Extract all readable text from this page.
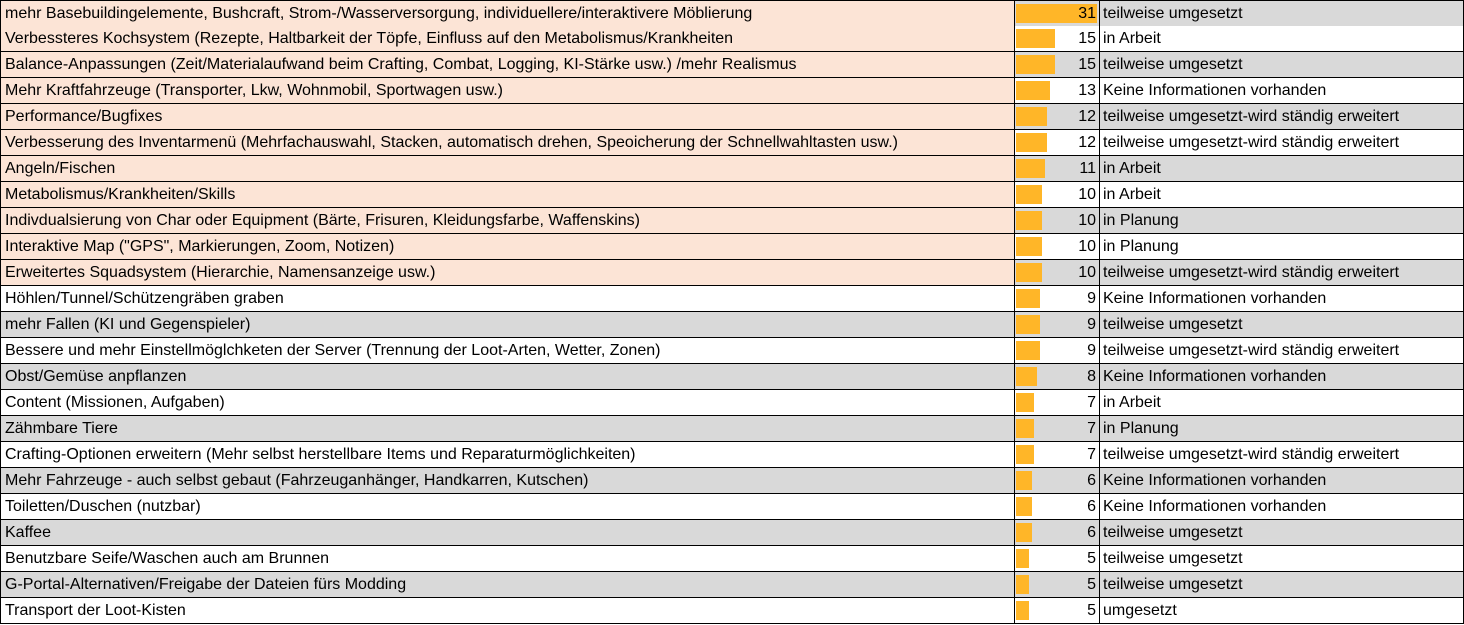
mehr Basebuildingelemente, Bushcraft, Strom-/Wasserversorgung, individuellere/interaktivere Möblierung	31 teilweise umgesetzt
Verbessteres Kochsystem (Rezepte, Haltbarkeit der Töpfe, Einfluss auf den Metabolismus/Krankheiten	15 in Arbeit
Balance-Anpassungen (Zeit/Materialaufwand beim Crafting, Combat, Logging, KI-Stärke usw.) /mehr Realismus	15 teilweise umgesetzt
Mehr Kraftfahrzeuge (Transporter, Lkw, Wohnmobil, Sportwagen usw.)	13 Keine Informationen vorhanden
Performance/Bugfixes	12 teilweise umgesetzt-wird ständig erweitert
Verbesserung des Inventarmenü (Mehrfachauswahl, Stacken, automatisch drehen, Speoicherung der Schnellwahltasten usw.)	12 teilweise umgesetzt-wird ständig erweitert
Angeln/Fischen	11 in Arbeit
Metabolismus/Krankheiten/Skills	10 in Arbeit
Indivdualsierung von Char oder Equipment (Bärte, Frisuren, Kleidungsfarbe, Waffenskins)	10 in Planung
Interaktive Map ("GPS", Markierungen, Zoom, Notizen)	10 in Planung
Erweitertes Squadsystem (Hierarchie, Namensanzeige usw.)	10 teilweise umgesetzt-wird ständig erweitert
Höhlen/Tunnel/Schützengräben graben	9 Keine Informationen vorhanden
mehr Fallen (KI und Gegenspieler)	9 teilweise umgesetzt
Bessere und mehr Einstellmöglchketen der Server (Trennung der Loot-Arten, Wetter, Zonen)	9 teilweise umgesetzt-wird ständig erweitert
Obst/Gemüse anpflanzen	8 Keine Informationen vorhanden
Content (Missionen, Aufgaben)	7 in Arbeit
Zähmbare Tiere	7 in Planung
Crafting-Optionen erweitern (Mehr selbst herstellbare Items und Reparaturmöglichkeiten)	7 teilweise umgesetzt-wird ständig erweitert
Mehr Fahrzeuge - auch selbst gebaut (Fahrzeuganhänger, Handkarren, Kutschen)	6 Keine Informationen vorhanden
Toiletten/Duschen (nutzbar)	6 Keine Informationen vorhanden
Kaffee	6 teilweise umgesetzt
Benutzbare Seife/Waschen auch am Brunnen	5 teilweise umgesetzt
G-Portal-Alternativen/Freigabe der Dateien fürs Modding	5 teilweise umgesetzt
Transport der Loot-Kisten	5 umgesetzt
